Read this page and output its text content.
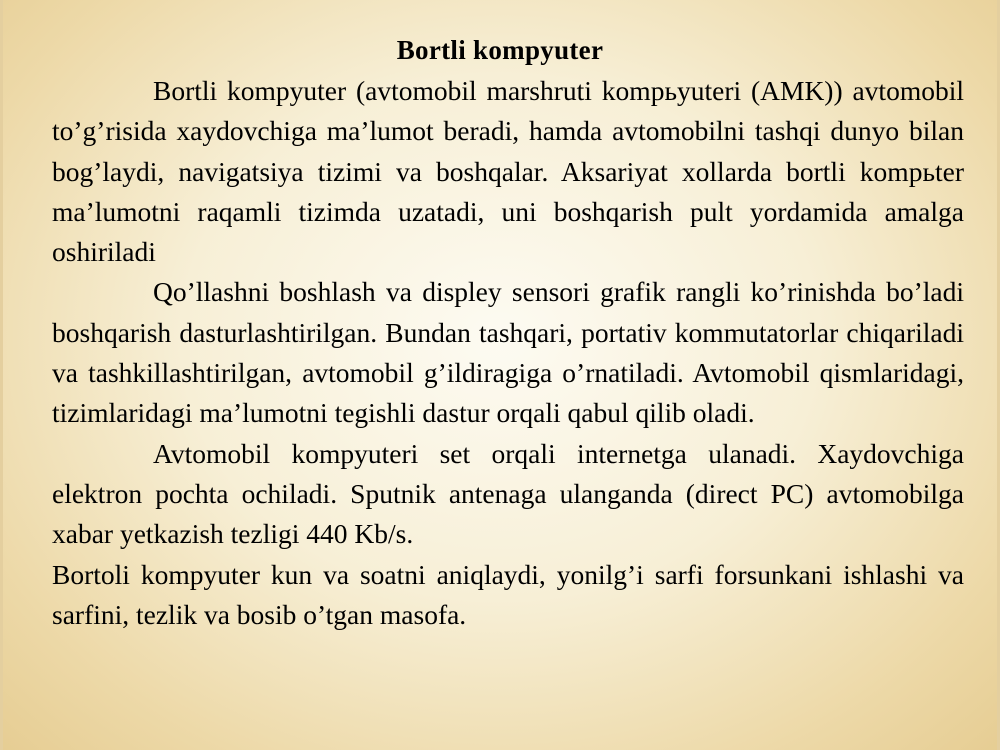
Bortli kompyuter

Bortli kompyuter (avtomobil marshruti kompьyuteri (AMK)) avtomobil to’g’risida xaydovchiga ma’lumot beradi, hamda avtomobilni tashqi dunyo bilan bog’laydi, navigatsiya tizimi va boshqalar. Aksariyat xollarda bortli kompьter ma’lumotni raqamli tizimda uzatadi, uni boshqarish pult yordamida amalga oshiriladi

Qo’llashni boshlash va displey sensori grafik rangli ko’rinishda bo’ladi boshqarish dasturlashtirilgan. Bundan tashqari, portativ kommutatorlar chiqariladi va tashkillashtirilgan, avtomobil g’ildiragiga o’rnatiladi. Avtomobil qismlaridagi, tizimlaridagi ma’lumotni tegishli dastur orqali qabul qilib oladi.

Avtomobil kompyuteri set orqali internetga ulanadi. Xaydovchiga elektron pochta ochiladi. Sputnik antenaga ulanganda (direct PC) avtomobilga xabar yetkazish tezligi 440 Kb/s.

Bortoli kompyuter kun va soatni aniqlaydi, yonilg’i sarfi forsunkani ishlashi va sarfini, tezlik va bosib o’tgan masofa.
